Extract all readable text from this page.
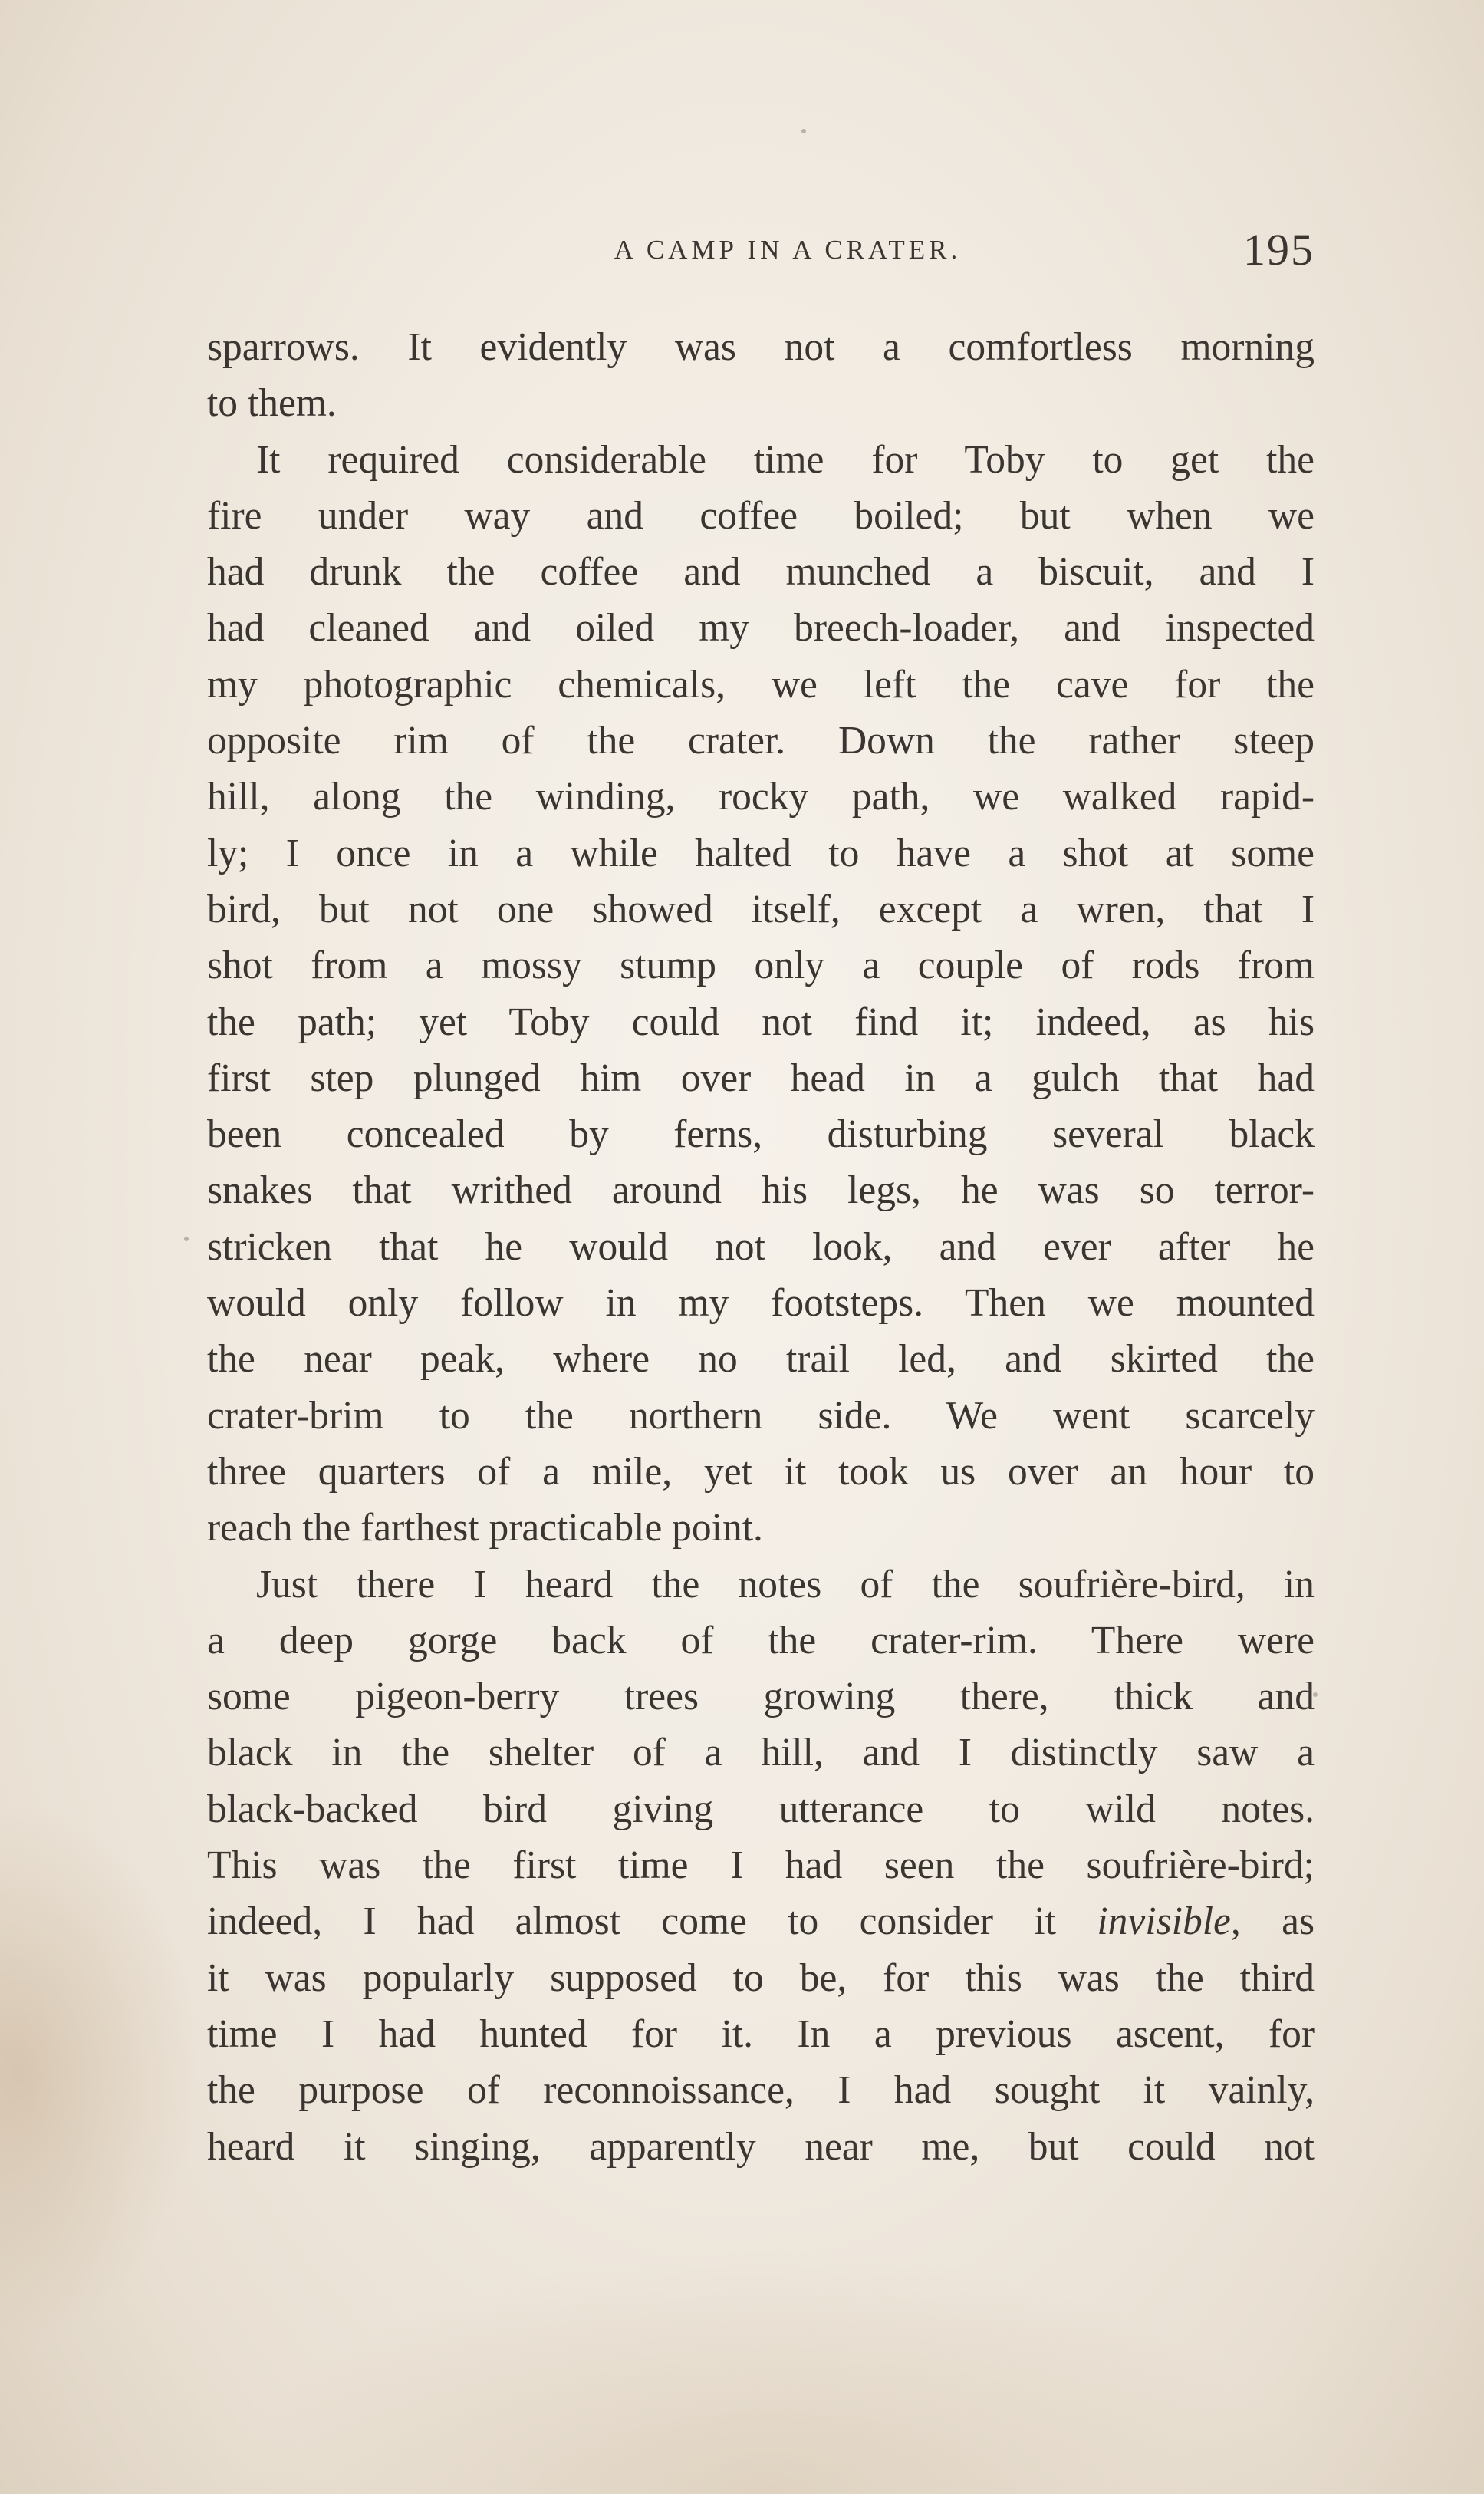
A CAMP IN A CRATER.	195
sparrows. It evidently was not a comfortless morning
to them.
It required considerable time for Toby to get the
fire under way and coffee boiled; but when we
had drunk the coffee and munched a biscuit, and I
had cleaned and oiled my breech-loader, and inspected
my photographic chemicals, we left the cave for the
opposite rim of the crater. Down the rather steep
hill, along the winding, rocky path, we walked rapid-
ly; I once in a while halted to have a shot at some
bird, but not one showed itself, except a wren, that I
shot from a mossy stump only a couple of rods from
the path; yet Toby could not find it; indeed, as his
first step plunged him over head in a gulch that had
been concealed by ferns, disturbing several black
snakes that writhed around his legs, he was so terror-
stricken that he would not look, and ever after he
would only follow in my footsteps. Then we mounted
the near peak, where no trail led, and skirted the
crater-brim to the northern side. We went scarcely
three quarters of a mile, yet it took us over an hour to
reach the farthest practicable point.
Just there I heard the notes of the soufrière-bird, in
a deep gorge back of the crater-rim. There were
some pigeon-berry trees growing there, thick and
black in the shelter of a hill, and I distinctly saw a
black-backed bird giving utterance to wild notes.
This was the first time I had seen the soufrière-bird;
indeed, I had almost come to consider it invisible, as
it was popularly supposed to be, for this was the third
time I had hunted for it. In a previous ascent, for
the purpose of reconnoissance, I had sought it vainly,
heard it singing, apparently near me, but could not
